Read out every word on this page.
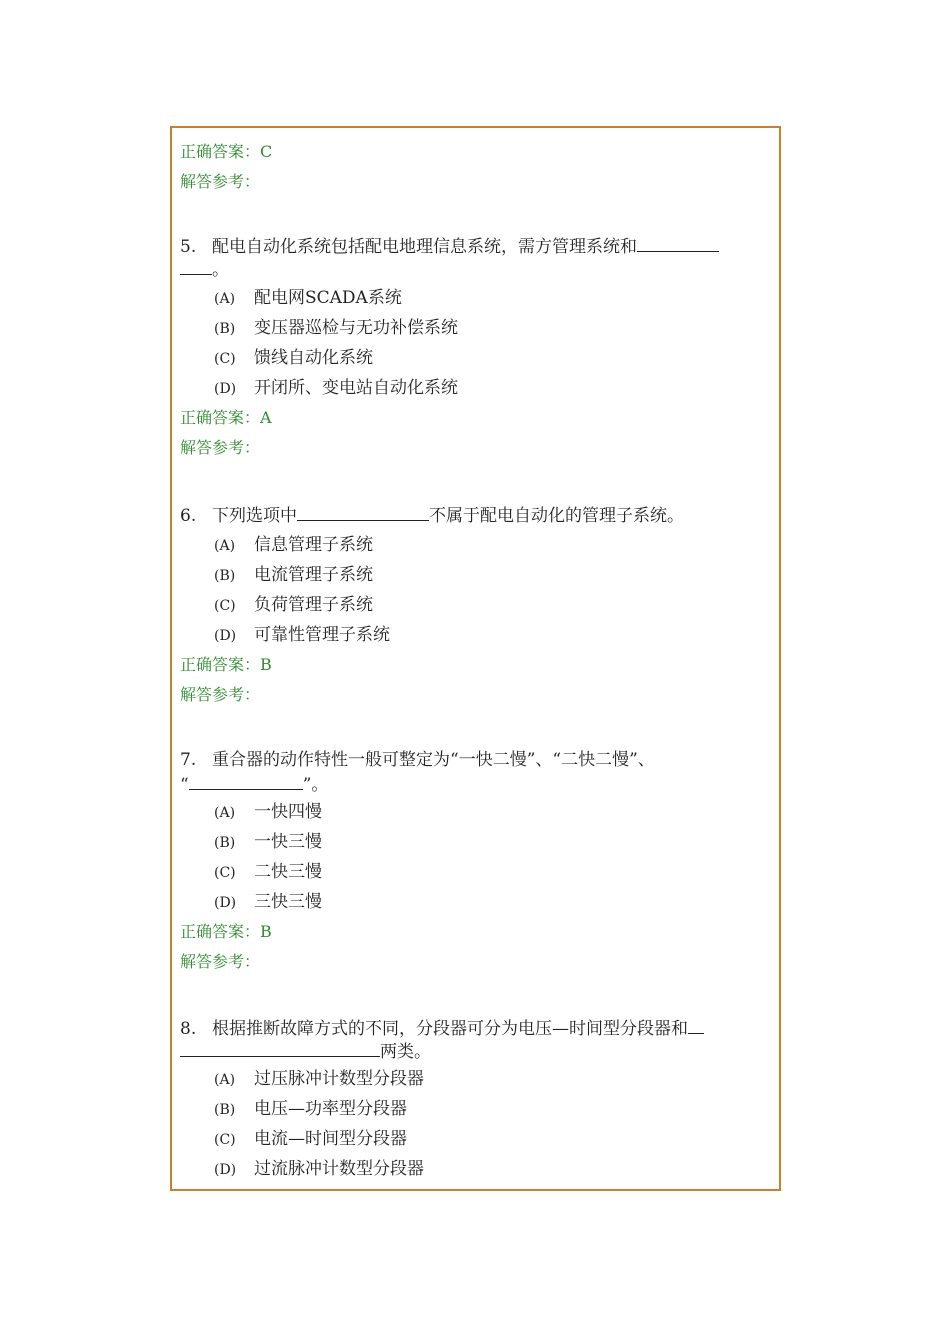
正确答案：C
解答参考：
5. 配电自动化系统包括配电地理信息系统，需方管理系统和
。
(A) 配电网SCADA系统
(B) 变压器巡检与无功补偿系统
(C) 馈线自动化系统
(D) 开闭所、变电站自动化系统
正确答案：A
解答参考：
6. 下列选项中	不属于配电自动化的管理子系统。
(A) 信息管理子系统
(B) 电流管理子系统
(C) 负荷管理子系统
(D) 可靠性管理子系统
正确答案：B
解答参考：
7. 重合器的动作特性一般可整定为“一快二慢”、“二快二慢”、
“	”。
(A) 一快四慢
(B) 一快三慢
(C) 二快三慢
(D) 三快三慢
正确答案：B
解答参考：
8. 根据推断故障方式的不同，分段器可分为电压—时间型分段器和
两类。
(A) 过压脉冲计数型分段器
(B) 电压—功率型分段器
(C) 电流—时间型分段器
(D) 过流脉冲计数型分段器
